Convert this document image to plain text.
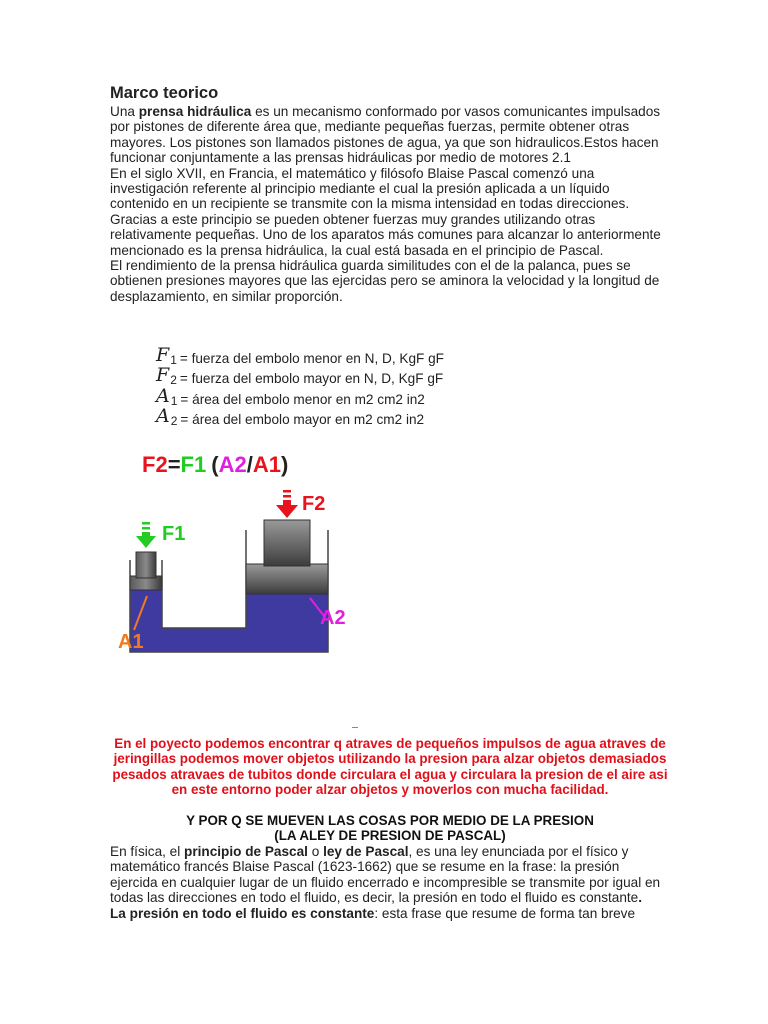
Marco teorico

Una prensa hidráulica es un mecanismo conformado por vasos comunicantes impulsados por pistones de diferente área que, mediante pequeñas fuerzas, permite obtener otras mayores. Los pistones son llamados pistones de agua, ya que son hidraulicos.Estos hacen funcionar conjuntamente a las prensas hidráulicas por medio de motores 2.1

En el siglo XVII, en Francia, el matemático y filósofo Blaise Pascal comenzó una investigación referente al principio mediante el cual la presión aplicada a un líquido contenido en un recipiente se transmite con la misma intensidad en todas direcciones. Gracias a este principio se pueden obtener fuerzas muy grandes utilizando otras relativamente pequeñas. Uno de los aparatos más comunes para alcanzar lo anteriormente mencionado es la prensa hidráulica, la cual está basada en el principio de Pascal.

El rendimiento de la prensa hidráulica guarda similitudes con el de la palanca, pues se obtienen presiones mayores que las ejercidas pero se aminora la velocidad y la longitud de desplazamiento, en similar proporción.

F1 = fuerza del embolo menor en N, D, KgF gF
F2 = fuerza del embolo mayor en N, D, KgF gF
A1 = área del embolo menor en m2 cm2 in2
A2 = área del embolo mayor en m2 cm2 in2
F2=F1 (A2/A1)
F1
F2
A1
A2
En el poyecto podemos encontrar q atraves de pequeños impulsos de agua atraves de jeringillas podemos mover objetos utilizando la presion para alzar objetos demasiados pesados atravaes de tubitos donde circulara el agua y circulara la presion de el aire asi en este entorno poder alzar objetos y moverlos con mucha facilidad.
Y POR Q SE MUEVEN LAS COSAS POR MEDIO DE LA PRESION
(LA ALEY DE PRESION DE PASCAL)

En física, el principio de Pascal o ley de Pascal, es una ley enunciada por el físico y matemático francés Blaise Pascal (1623-1662) que se resume en la frase: la presión ejercida en cualquier lugar de un fluido encerrado e incompresible se transmite por igual en todas las direcciones en todo el fluido, es decir, la presión en todo el fluido es constante.

La presión en todo el fluido es constante: esta frase que resume de forma tan breve
